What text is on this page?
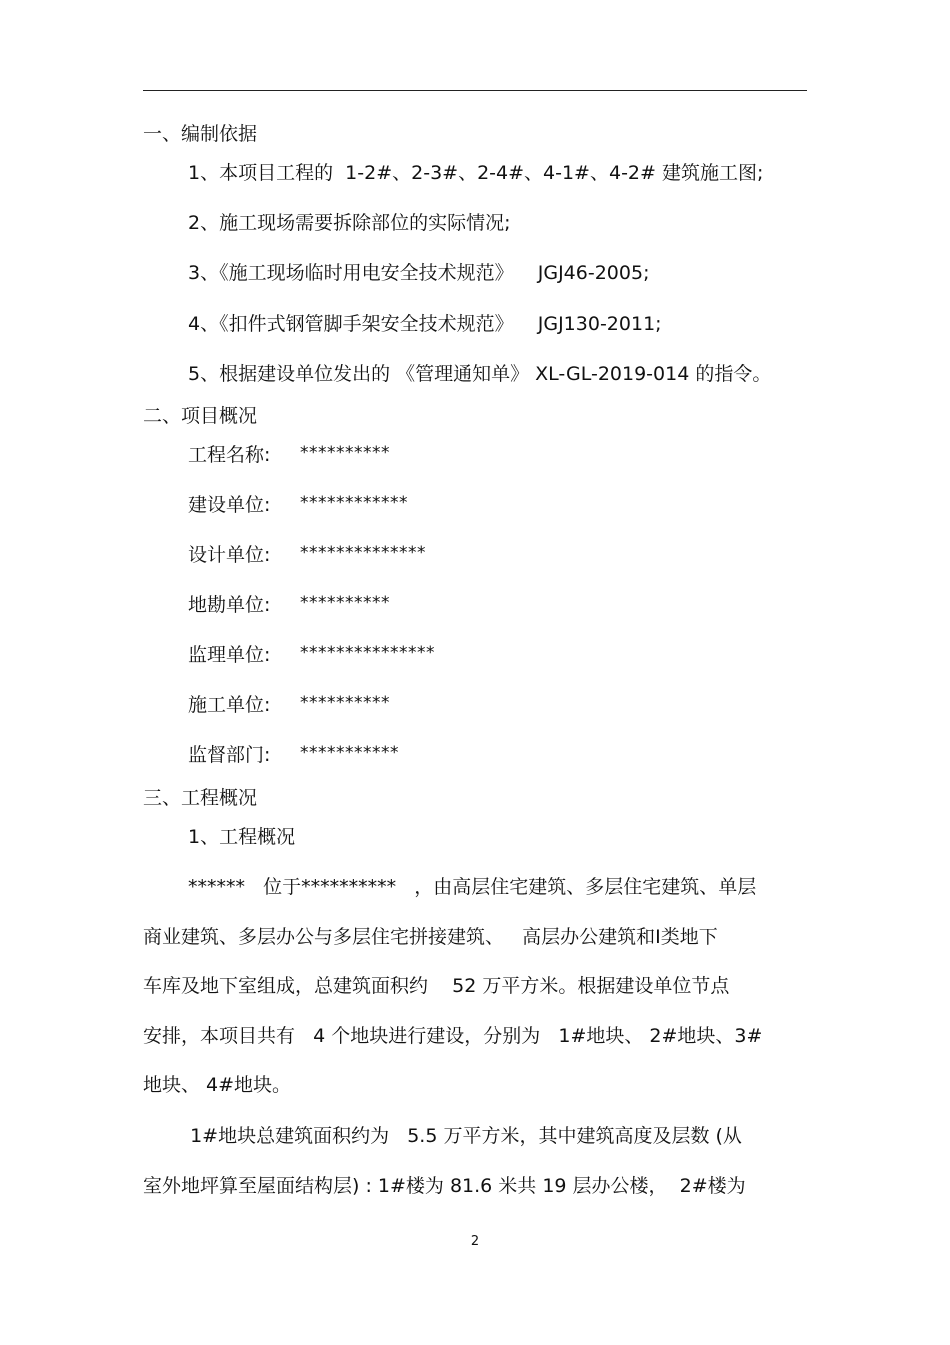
一、编制依据
1、本项目工程的  1-2#、2-3#、2-4#、4-1#、4-2# 建筑施工图;
2、施工现场需要拆除部位的实际情况;
3、《施工现场临时用电安全技术规范》    JGJ46-2005;
4、《扣件式钢管脚手架安全技术规范》    JGJ130-2011;
5、根据建设单位发出的 《管理通知单》 XL-GL-2019-014 的指令。
二、项目概况
工程名称: **********
建设单位: ************
设计单位: **************
地勘单位: **********
监理单位: ***************
施工单位: **********
监督部门: ***********
三、工程概况
1、工程概况
******   位于**********   ，由高层住宅建筑、多层住宅建筑、单层
商业建筑、多层办公与多层住宅拼接建筑、   高层办公建筑和Ⅰ类地下
车库及地下室组成，总建筑面积约    52 万平方米。根据建设单位节点
安排，本项目共有   4 个地块进行建设，分别为   1#地块、 2#地块、3#
地块、 4#地块。
1#地块总建筑面积约为   5.5 万平方米，其中建筑高度及层数 (从
室外地坪算至屋面结构层) : 1#楼为 81.6 米共 19 层办公楼，  2#楼为
2
